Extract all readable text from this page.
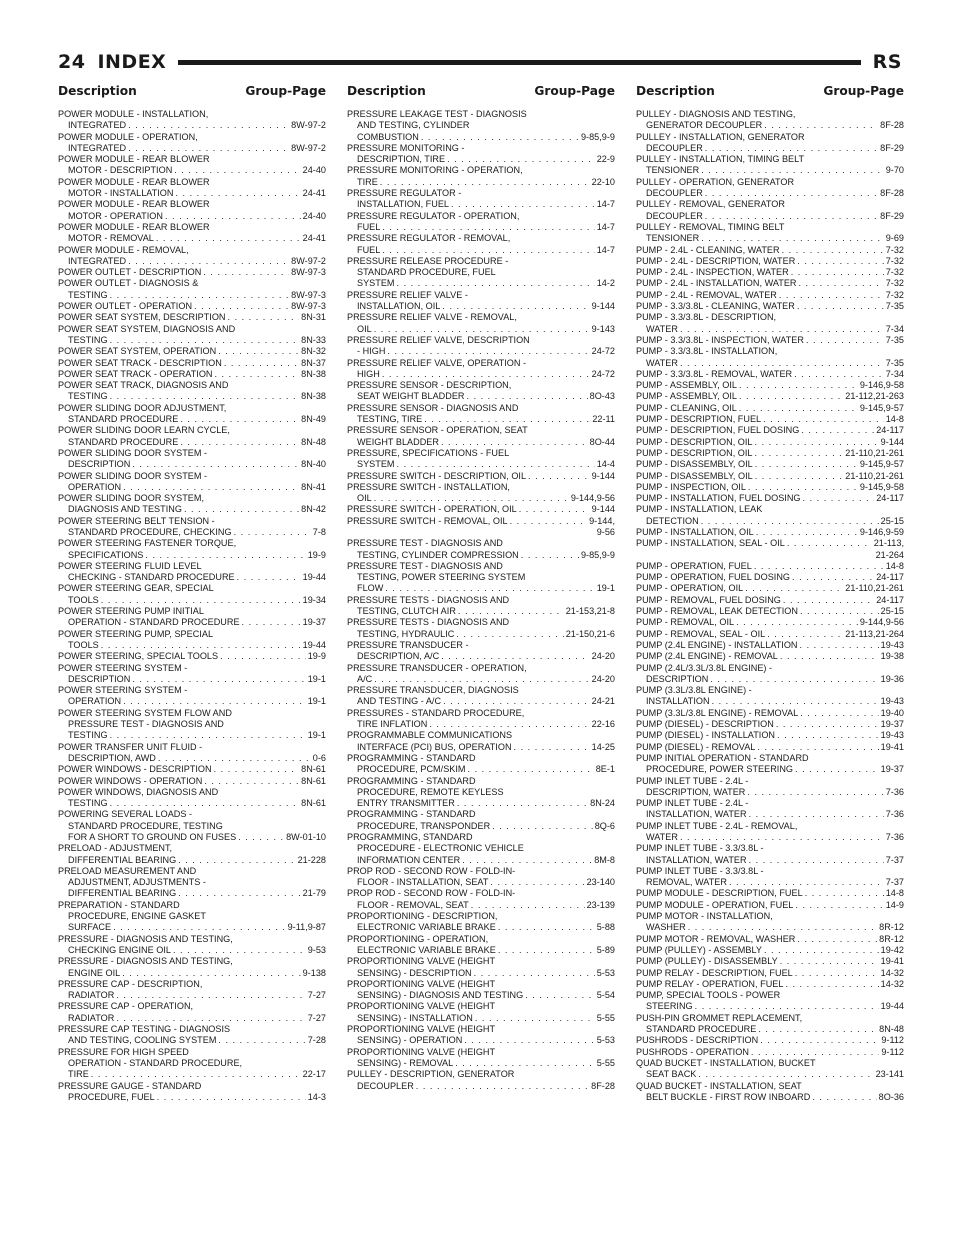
24 INDEX	RS
Description	Group-Page
POWER MODULE - INSTALLATION,
INTEGRATED . . .	8W-97-2
POWER MODULE - OPERATION,
INTEGRATED . . .	8W-97-2
POWER MODULE - REAR BLOWER
MOTOR - DESCRIPTION . . .	24-40
POWER MODULE - REAR BLOWER
MOTOR - INSTALLATION . . .	24-41
POWER MODULE - REAR BLOWER
MOTOR - OPERATION . . .	24-40
POWER MODULE - REAR BLOWER
MOTOR - REMOVAL . . .	24-41
POWER MODULE - REMOVAL,
INTEGRATED . . .	8W-97-2
POWER OUTLET - DESCRIPTION . . .	8W-97-3
POWER OUTLET - DIAGNOSIS &
TESTING . . .	8W-97-3
POWER OUTLET - OPERATION . . .	8W-97-3
POWER SEAT SYSTEM, DESCRIPTION . . .	8N-31
POWER SEAT SYSTEM, DIAGNOSIS AND
TESTING . . .	8N-33
POWER SEAT SYSTEM, OPERATION . . .	8N-32
POWER SEAT TRACK - DESCRIPTION . . .	8N-37
POWER SEAT TRACK - OPERATION . . .	8N-38
POWER SEAT TRACK, DIAGNOSIS AND
TESTING . . .	8N-38
POWER SLIDING DOOR ADJUSTMENT,
STANDARD PROCEDURE . . .	8N-49
POWER SLIDING DOOR LEARN CYCLE,
STANDARD PROCEDURE . . .	8N-48
POWER SLIDING DOOR SYSTEM -
DESCRIPTION . . .	8N-40
POWER SLIDING DOOR SYSTEM -
OPERATION . . .	8N-41
POWER SLIDING DOOR SYSTEM,
DIAGNOSIS AND TESTING . . .	8N-42
POWER STEERING BELT TENSION -
STANDARD PROCEDURE, CHECKING . . .	7-8
POWER STEERING FASTENER TORQUE,
SPECIFICATIONS . . .	19-9
POWER STEERING FLUID LEVEL
CHECKING - STANDARD PROCEDURE . . .	19-44
POWER STEERING GEAR, SPECIAL
TOOLS . . .	19-34
POWER STEERING PUMP INITIAL
OPERATION - STANDARD PROCEDURE . . .	19-37
POWER STEERING PUMP, SPECIAL
TOOLS . . .	19-44
POWER STEERING, SPECIAL TOOLS . . .	19-9
POWER STEERING SYSTEM -
DESCRIPTION . . .	19-1
POWER STEERING SYSTEM -
OPERATION . . .	19-1
POWER STEERING SYSTEM FLOW AND
PRESSURE TEST - DIAGNOSIS AND
TESTING . . .	19-1
POWER TRANSFER UNIT FLUID -
DESCRIPTION, AWD . . .	0-6
POWER WINDOWS - DESCRIPTION . . .	8N-61
POWER WINDOWS - OPERATION . . .	8N-61
POWER WINDOWS, DIAGNOSIS AND
TESTING . . .	8N-61
POWERING SEVERAL LOADS -
STANDARD PROCEDURE, TESTING
FOR A SHORT TO GROUND ON FUSES . . .	8W-01-10
PRELOAD - ADJUSTMENT,
DIFFERENTIAL BEARING . . .	21-228
PRELOAD MEASUREMENT AND
ADJUSTMENT, ADJUSTMENTS -
DIFFERENTIAL BEARING . . .	21-79
PREPARATION - STANDARD
PROCEDURE, ENGINE GASKET
SURFACE . . .	9-11,9-87
PRESSURE - DIAGNOSIS AND TESTING,
CHECKING ENGINE OIL . . .	9-53
PRESSURE - DIAGNOSIS AND TESTING,
ENGINE OIL . . .	9-138
PRESSURE CAP - DESCRIPTION,
RADIATOR . . .	7-27
PRESSURE CAP - OPERATION,
RADIATOR . . .	7-27
PRESSURE CAP TESTING - DIAGNOSIS
AND TESTING, COOLING SYSTEM . . .	7-28
PRESSURE FOR HIGH SPEED
OPERATION - STANDARD PROCEDURE,
TIRE . . .	22-17
PRESSURE GAUGE - STANDARD
PROCEDURE, FUEL . . .	14-3
Description	Group-Page
PRESSURE LEAKAGE TEST - DIAGNOSIS
AND TESTING, CYLINDER
COMBUSTION . . .	9-85,9-9
PRESSURE MONITORING -
DESCRIPTION, TIRE . . .	22-9
PRESSURE MONITORING - OPERATION,
TIRE . . .	22-10
PRESSURE REGULATOR -
INSTALLATION, FUEL . . .	14-7
PRESSURE REGULATOR - OPERATION,
FUEL . . .	14-7
PRESSURE REGULATOR - REMOVAL,
FUEL . . .	14-7
PRESSURE RELEASE PROCEDURE -
STANDARD PROCEDURE, FUEL
SYSTEM . . .	14-2
PRESSURE RELIEF VALVE -
INSTALLATION, OIL . . .	9-144
PRESSURE RELIEF VALVE - REMOVAL,
OIL . . .	9-143
PRESSURE RELIEF VALVE, DESCRIPTION
- HIGH . . .	24-72
PRESSURE RELIEF VALVE, OPERATION -
HIGH . . .	24-72
PRESSURE SENSOR - DESCRIPTION,
SEAT WEIGHT BLADDER . . .	8O-43
PRESSURE SENSOR - DIAGNOSIS AND
TESTING, TIRE . . .	22-11
PRESSURE SENSOR - OPERATION, SEAT
WEIGHT BLADDER . . .	8O-44
PRESSURE, SPECIFICATIONS - FUEL
SYSTEM . . .	14-4
PRESSURE SWITCH - DESCRIPTION, OIL . . .	9-144
PRESSURE SWITCH - INSTALLATION,
OIL . . .	9-144,9-56
PRESSURE SWITCH - OPERATION, OIL . . .	9-144
PRESSURE SWITCH - REMOVAL, OIL . . .	9-144,
9-56
PRESSURE TEST - DIAGNOSIS AND
TESTING, CYLINDER COMPRESSION . . .	9-85,9-9
PRESSURE TEST - DIAGNOSIS AND
TESTING, POWER STEERING SYSTEM
FLOW . . .	19-1
PRESSURE TESTS - DIAGNOSIS AND
TESTING, CLUTCH AIR . . .	21-153,21-8
PRESSURE TESTS - DIAGNOSIS AND
TESTING, HYDRAULIC . . .	21-150,21-6
PRESSURE TRANSDUCER -
DESCRIPTION, A/C . . .	24-20
PRESSURE TRANSDUCER - OPERATION,
A/C . . .	24-20
PRESSURE TRANSDUCER, DIAGNOSIS
AND TESTING - A/C . . .	24-21
PRESSURES - STANDARD PROCEDURE,
TIRE INFLATION . . .	22-16
PROGRAMMABLE COMMUNICATIONS
INTERFACE (PCI) BUS, OPERATION . . .	14-25
PROGRAMMING - STANDARD
PROCEDURE, PCM/SKIM . . .	8E-1
PROGRAMMING - STANDARD
PROCEDURE, REMOTE KEYLESS
ENTRY TRANSMITTER . . .	8N-24
PROGRAMMING - STANDARD
PROCEDURE, TRANSPONDER . . .	8Q-6
PROGRAMMING, STANDARD
PROCEDURE - ELECTRONIC VEHICLE
INFORMATION CENTER . . .	8M-8
PROP ROD - SECOND ROW - FOLD-IN-
FLOOR - INSTALLATION, SEAT . . .	23-140
PROP ROD - SECOND ROW - FOLD-IN-
FLOOR - REMOVAL, SEAT . . .	23-139
PROPORTIONING - DESCRIPTION,
ELECTRONIC VARIABLE BRAKE . . .	5-88
PROPORTIONING - OPERATION,
ELECTRONIC VARIABLE BRAKE . . .	5-89
PROPORTIONING VALVE (HEIGHT
SENSING) - DESCRIPTION . . .	5-53
PROPORTIONING VALVE (HEIGHT
SENSING) - DIAGNOSIS AND TESTING . . .	5-54
PROPORTIONING VALVE (HEIGHT
SENSING) - INSTALLATION . . .	5-55
PROPORTIONING VALVE (HEIGHT
SENSING) - OPERATION . . .	5-53
PROPORTIONING VALVE (HEIGHT
SENSING) - REMOVAL . . .	5-55
PULLEY - DESCRIPTION, GENERATOR
DECOUPLER . . .	8F-28
Description	Group-Page
PULLEY - DIAGNOSIS AND TESTING,
GENERATOR DECOUPLER . . .	8F-28
PULLEY - INSTALLATION, GENERATOR
DECOUPLER . . .	8F-29
PULLEY - INSTALLATION, TIMING BELT
TENSIONER . . .	9-70
PULLEY - OPERATION, GENERATOR
DECOUPLER . . .	8F-28
PULLEY - REMOVAL, GENERATOR
DECOUPLER . . .	8F-29
PULLEY - REMOVAL, TIMING BELT
TENSIONER . . .	9-69
PUMP - 2.4L - CLEANING, WATER . . .	7-32
PUMP - 2.4L - DESCRIPTION, WATER . . .	7-32
PUMP - 2.4L - INSPECTION, WATER . . .	7-32
PUMP - 2.4L - INSTALLATION, WATER . . .	7-32
PUMP - 2.4L - REMOVAL, WATER . . .	7-32
PUMP - 3.3/3.8L - CLEANING, WATER . . .	7-35
PUMP - 3.3/3.8L - DESCRIPTION,
WATER . . .	7-34
PUMP - 3.3/3.8L - INSPECTION, WATER . . .	7-35
PUMP - 3.3/3.8L - INSTALLATION,
WATER . . .	7-35
PUMP - 3.3/3.8L - REMOVAL, WATER . . .	7-34
PUMP - ASSEMBLY, OIL . . .	9-146,9-58
PUMP - ASSEMBLY, OIL . . .	21-112,21-263
PUMP - CLEANING, OIL . . .	9-145,9-57
PUMP - DESCRIPTION, FUEL . . .	14-8
PUMP - DESCRIPTION, FUEL DOSING . . .	24-117
PUMP - DESCRIPTION, OIL . . .	9-144
PUMP - DESCRIPTION, OIL . . .	21-110,21-261
PUMP - DISASSEMBLY, OIL . . .	9-145,9-57
PUMP - DISASSEMBLY, OIL . . .	21-110,21-261
PUMP - INSPECTION, OIL . . .	9-145,9-58
PUMP - INSTALLATION, FUEL DOSING . . .	24-117
PUMP - INSTALLATION, LEAK
DETECTION . . .	25-15
PUMP - INSTALLATION, OIL . . .	9-146,9-59
PUMP - INSTALLATION, SEAL - OIL . . .	21-113,
21-264
PUMP - OPERATION, FUEL . . .	14-8
PUMP - OPERATION, FUEL DOSING . . .	24-117
PUMP - OPERATION, OIL . . .	21-110,21-261
PUMP - REMOVAL, FUEL DOSING . . .	24-117
PUMP - REMOVAL, LEAK DETECTION . . .	25-15
PUMP - REMOVAL, OIL . . .	9-144,9-56
PUMP - REMOVAL, SEAL - OIL . . .	21-113,21-264
PUMP (2.4L ENGINE) - INSTALLATION . . .	19-43
PUMP (2.4L ENGINE) - REMOVAL . . .	19-38
PUMP (2.4L/3.3L/3.8L ENGINE) -
DESCRIPTION . . .	19-36
PUMP (3.3L/3.8L ENGINE) -
INSTALLATION . . .	19-43
PUMP (3.3L/3.8L ENGINE) - REMOVAL . . .	19-40
PUMP (DIESEL) - DESCRIPTION . . .	19-37
PUMP (DIESEL) - INSTALLATION . . .	19-43
PUMP (DIESEL) - REMOVAL . . .	19-41
PUMP INITIAL OPERATION - STANDARD
PROCEDURE, POWER STEERING . . .	19-37
PUMP INLET TUBE - 2.4L -
DESCRIPTION, WATER . . .	7-36
PUMP INLET TUBE - 2.4L -
INSTALLATION, WATER . . .	7-36
PUMP INLET TUBE - 2.4L - REMOVAL,
WATER . . .	7-36
PUMP INLET TUBE - 3.3/3.8L -
INSTALLATION, WATER . . .	7-37
PUMP INLET TUBE - 3.3/3.8L -
REMOVAL, WATER . . .	7-37
PUMP MODULE - DESCRIPTION, FUEL . . .	14-8
PUMP MODULE - OPERATION, FUEL . . .	14-9
PUMP MOTOR - INSTALLATION,
WASHER . . .	8R-12
PUMP MOTOR - REMOVAL, WASHER . . .	8R-12
PUMP (PULLEY) - ASSEMBLY . . .	19-42
PUMP (PULLEY) - DISASSEMBLY . . .	19-41
PUMP RELAY - DESCRIPTION, FUEL . . .	14-32
PUMP RELAY - OPERATION, FUEL . . .	14-32
PUMP, SPECIAL TOOLS - POWER
STEERING . . .	19-44
PUSH-PIN GROMMET REPLACEMENT,
STANDARD PROCEDURE . . .	8N-48
PUSHRODS - DESCRIPTION . . .	9-112
PUSHRODS - OPERATION . . .	9-112
QUAD BUCKET - INSTALLATION, BUCKET
SEAT BACK . . .	23-141
QUAD BUCKET - INSTALLATION, SEAT
BELT BUCKLE - FIRST ROW INBOARD . . .	8O-36
